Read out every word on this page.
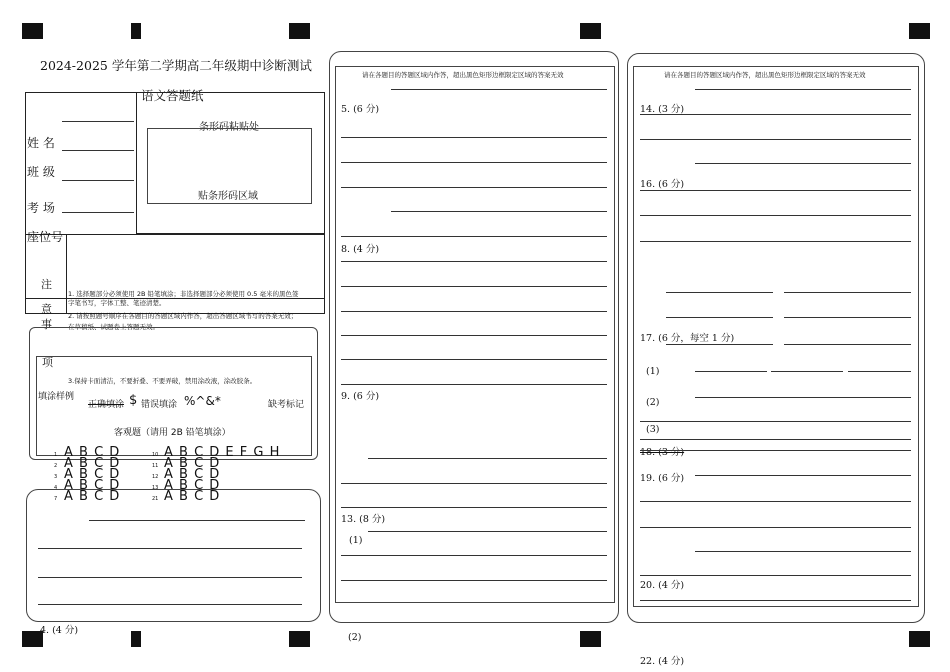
2024-2025 学年第二学期高二年级期中诊断测试
语文答题纸
姓 名
班 级
考 场
座位号
条形码粘贴处
贴条形码区域
注
意
事
1. 选择题部分必须使用 2B 铅笔填涂；非选择题部分必须使用 0.5 毫米的黑色签
字笔书写，字体工整、笔迹清楚。
2. 请按照题号顺序在各题目的答题区域内作答，超出答题区域书写的答案无效；
在草稿纸、试题卷上答题无效。
项
3.保持卡面清洁，不要折叠、不要弄破，禁用涂改液，涂改胶条。
填涂样例
正确填涂 $ 错误填涂 %^&*	缺考标记
客观题（请用 2B 铅笔填涂）
1 A B C D
2 A B C D
3 A B C D
4 A B C D
7 A B C D
10 A B C D E F G H
11 A B C D
12 A B C D
13 A B C D
21 A B C D
4. (4 分)
请在各题目的答题区域内作答，超出黑色矩形边框限定区域的答案无效
5. (6 分)
8. (4 分)
9. (6 分)
13. (8 分)
(1)
(2)
请在各题目的答题区域内作答，超出黑色矩形边框限定区域的答案无效
14. (3 分)
16. (6 分)
17. (6 分，每空 1 分)
(1)
(2)
(3)
18. (3 分)
19. (6 分)
20. (4 分)
22. (4 分)
